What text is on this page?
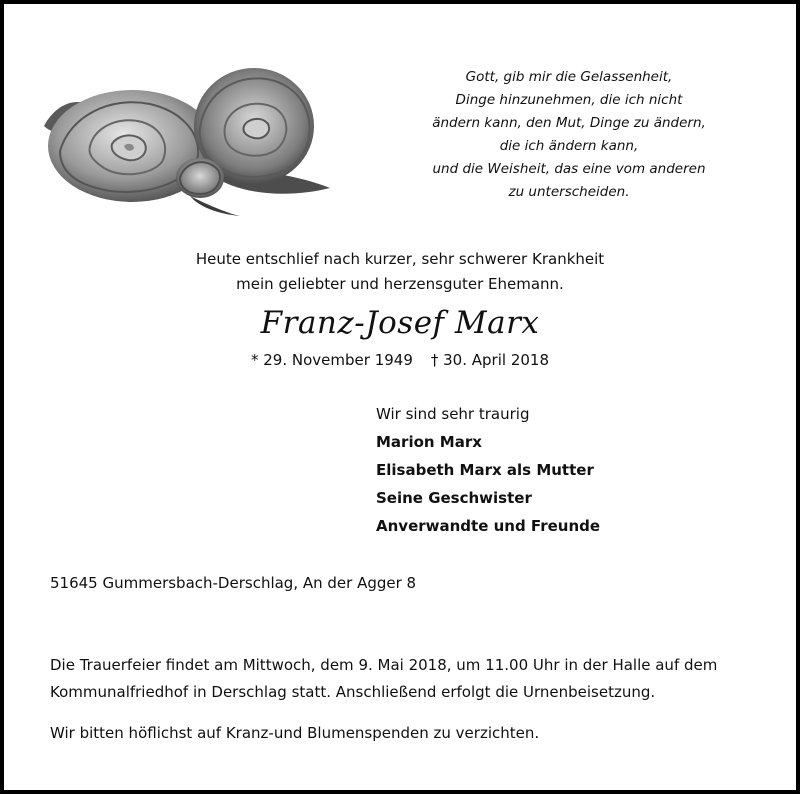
Gott, gib mir die Gelassenheit,
Dinge hinzunehmen, die ich nicht
ändern kann, den Mut, Dinge zu ändern,
die ich ändern kann,
und die Weisheit, das eine vom anderen
zu unterscheiden.
Heute entschlief nach kurzer, sehr schwerer Krankheit
mein geliebter und herzensguter Ehemann.
Franz-Josef Marx
* 29. November 1949 † 30. April 2018
Wir sind sehr traurig
Marion Marx
Elisabeth Marx als Mutter
Seine Geschwister
Anverwandte und Freunde
51645 Gummersbach-Derschlag, An der Agger 8
Die Trauerfeier findet am Mittwoch, dem 9. Mai 2018, um 11.00 Uhr in der Halle auf dem
Kommunalfriedhof in Derschlag statt. Anschließend erfolgt die Urnenbeisetzung.
Wir bitten höflichst auf Kranz-und Blumenspenden zu verzichten.
